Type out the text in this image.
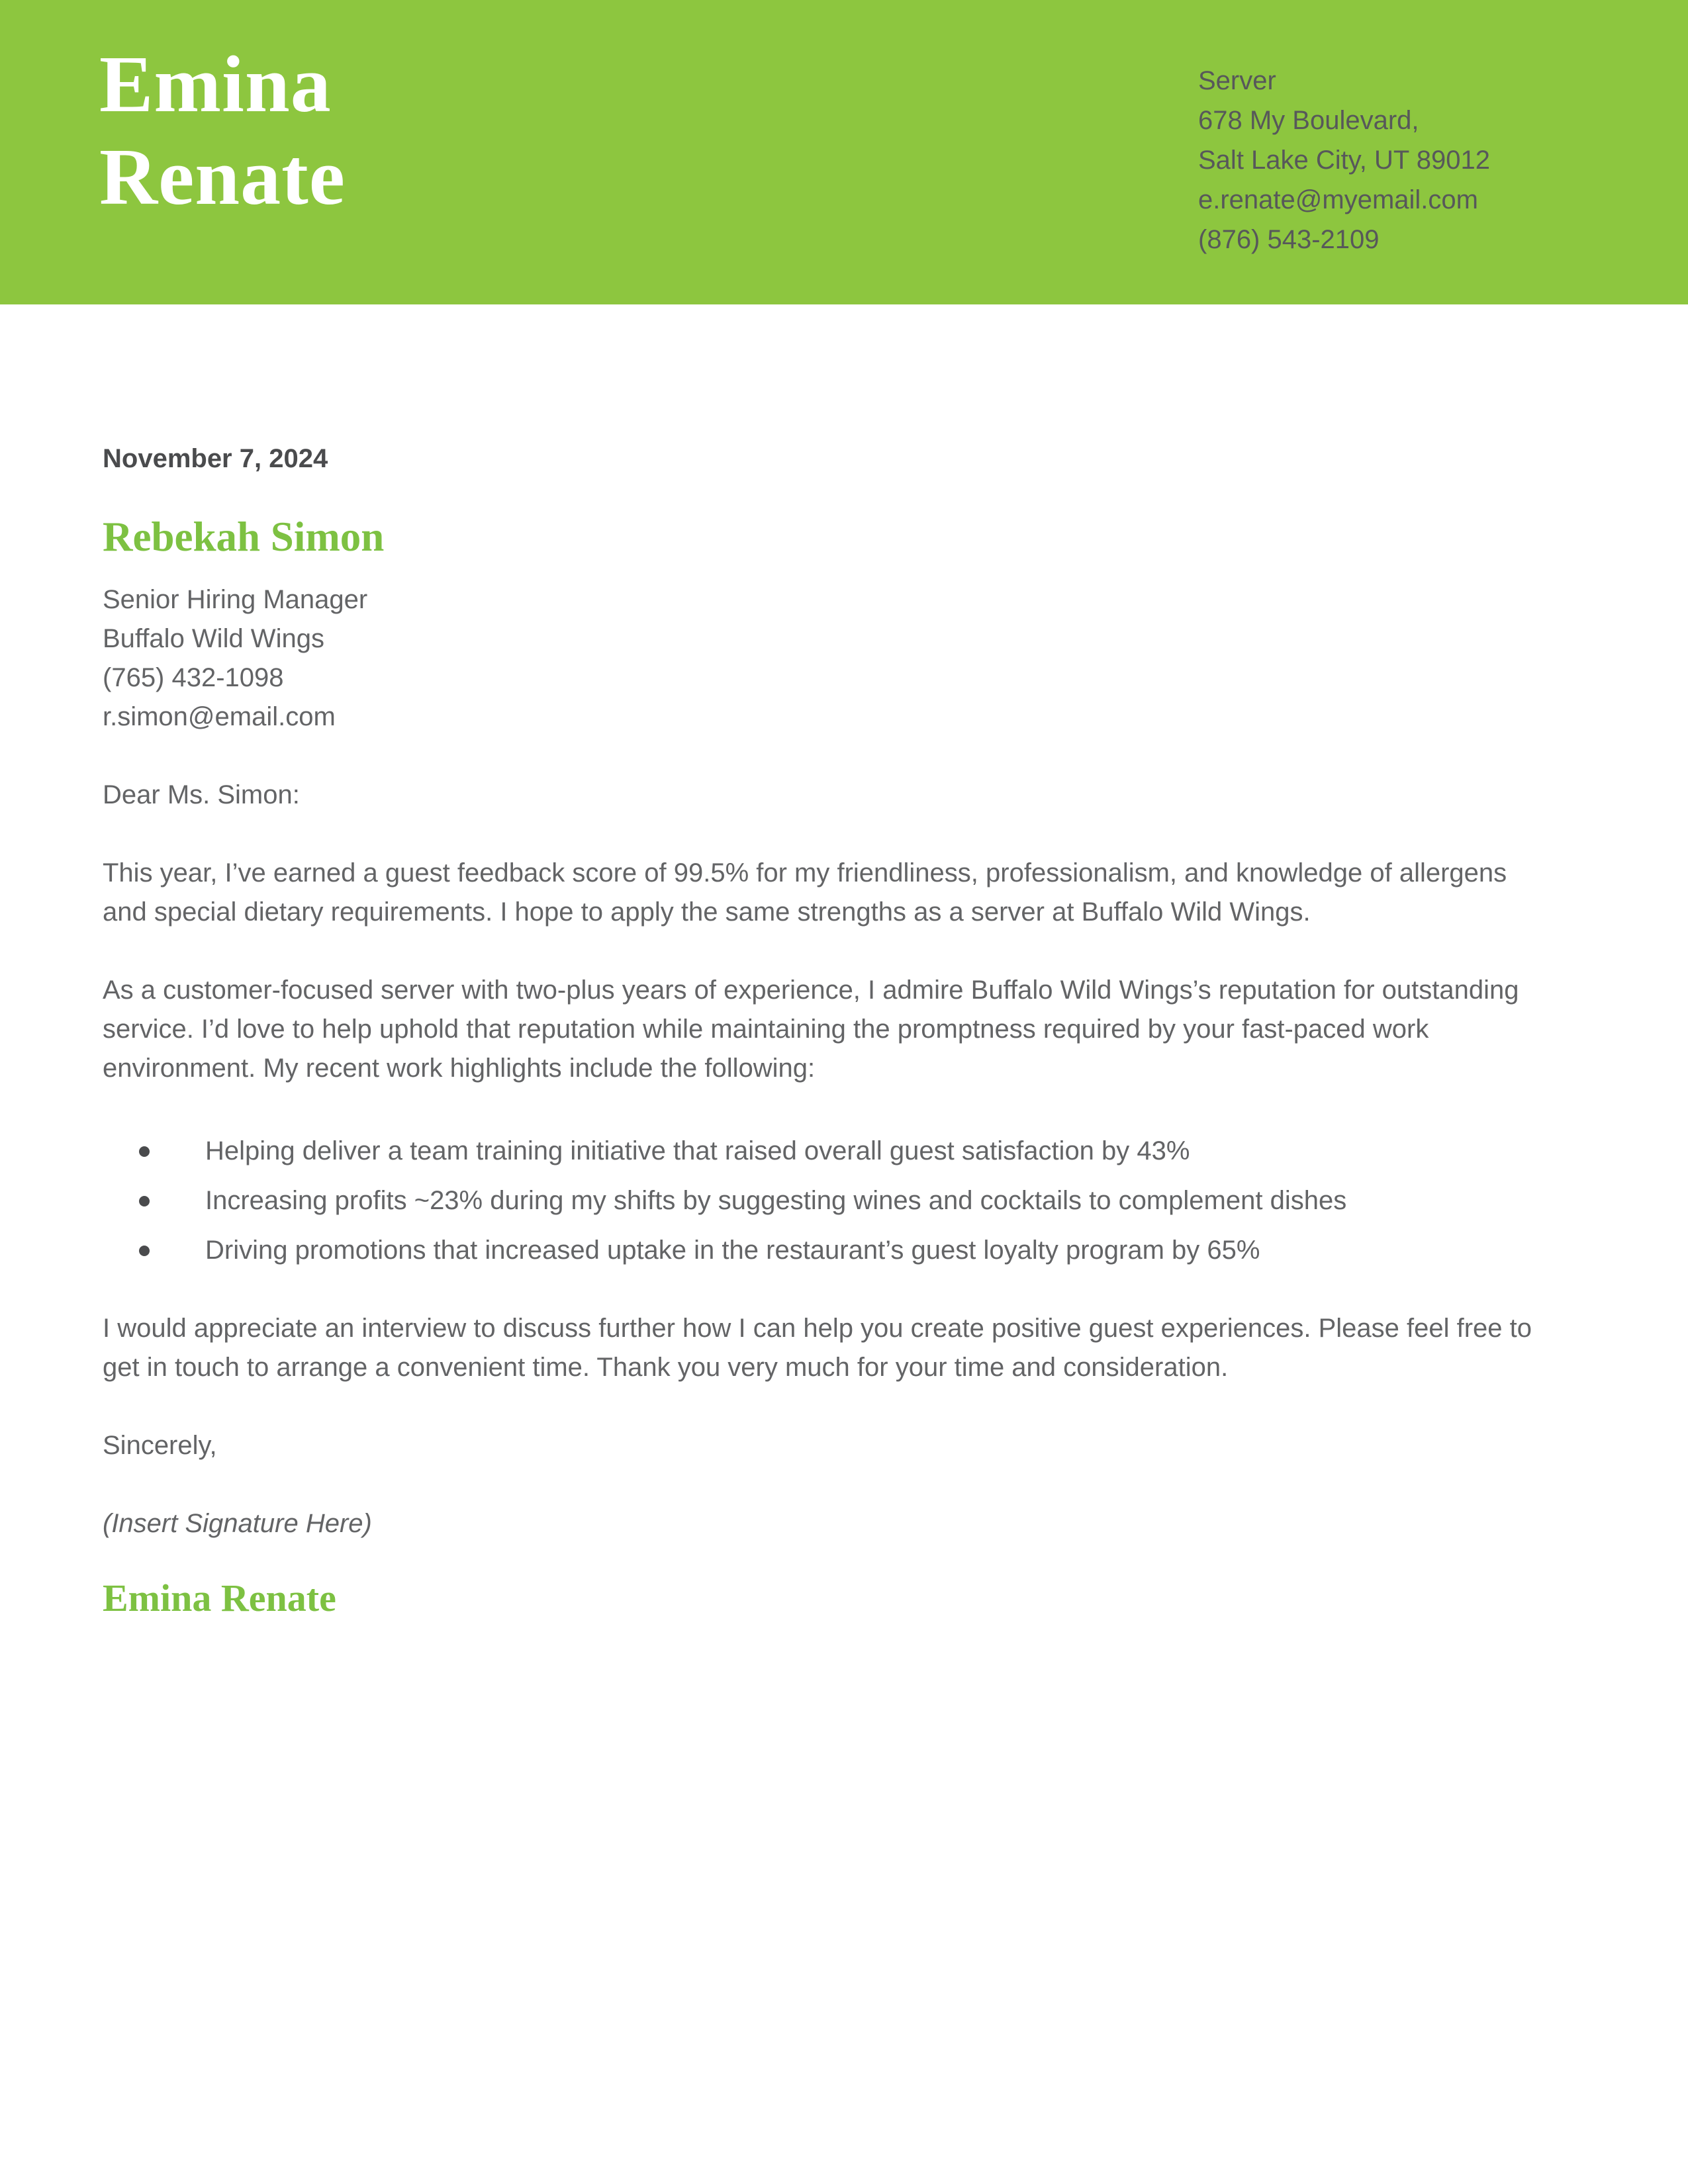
Emina
Renate
Server
678 My Boulevard,
Salt Lake City, UT 89012
e.renate@myemail.com
(876) 543-2109

November 7, 2024

Rebekah Simon
Senior Hiring Manager
Buffalo Wild Wings
(765) 432-1098
r.simon@email.com

Dear Ms. Simon:

This year, I’ve earned a guest feedback score of 99.5% for my friendliness, professionalism, and knowledge of allergens and special dietary requirements. I hope to apply the same strengths as a server at Buffalo Wild Wings.

As a customer-focused server with two-plus years of experience, I admire Buffalo Wild Wings’s reputation for outstanding service. I’d love to help uphold that reputation while maintaining the promptness required by your fast-paced work environment. My recent work highlights include the following:

Helping deliver a team training initiative that raised overall guest satisfaction by 43%
Increasing profits ~23% during my shifts by suggesting wines and cocktails to complement dishes
Driving promotions that increased uptake in the restaurant’s guest loyalty program by 65%

I would appreciate an interview to discuss further how I can help you create positive guest experiences. Please feel free to get in touch to arrange a convenient time. Thank you very much for your time and consideration.

Sincerely,

(Insert Signature Here)

Emina Renate
